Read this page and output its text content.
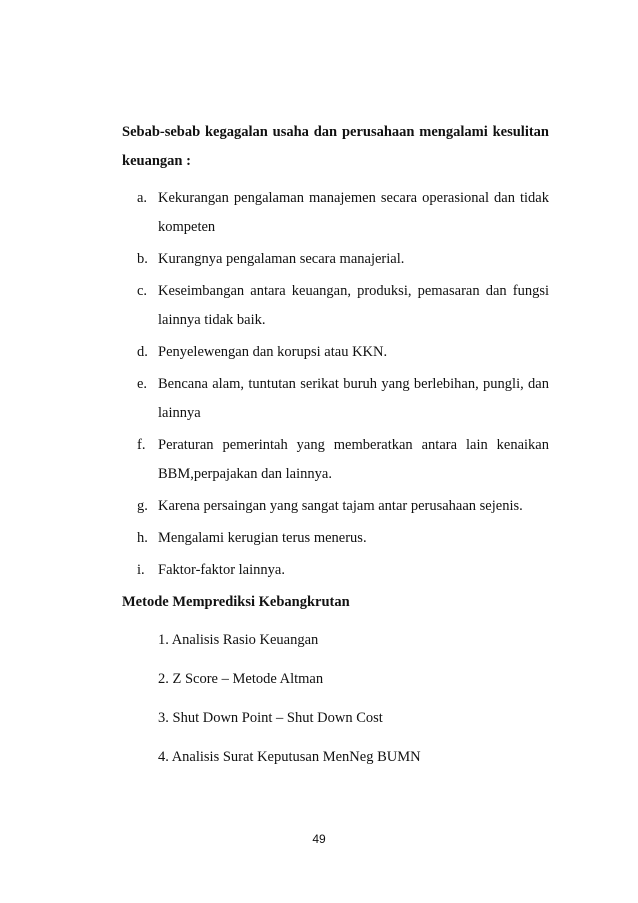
Sebab-sebab kegagalan usaha dan perusahaan mengalami kesulitan keuangan :
a. Kekurangan pengalaman manajemen secara operasional dan tidak kompeten
b. Kurangnya pengalaman secara manajerial.
c. Keseimbangan antara keuangan, produksi, pemasaran dan fungsi lainnya tidak baik.
d. Penyelewengan dan korupsi atau KKN.
e. Bencana alam, tuntutan serikat buruh yang berlebihan, pungli, dan lainnya
f. Peraturan pemerintah yang memberatkan antara lain kenaikan BBM,perpajakan dan lainnya.
g. Karena persaingan yang sangat tajam antar perusahaan sejenis.
h. Mengalami kerugian terus menerus.
i. Faktor-faktor lainnya.
Metode Memprediksi Kebangkrutan
1. Analisis Rasio Keuangan
2. Z Score – Metode Altman
3. Shut Down Point – Shut Down Cost
4. Analisis Surat Keputusan MenNeg BUMN
49
